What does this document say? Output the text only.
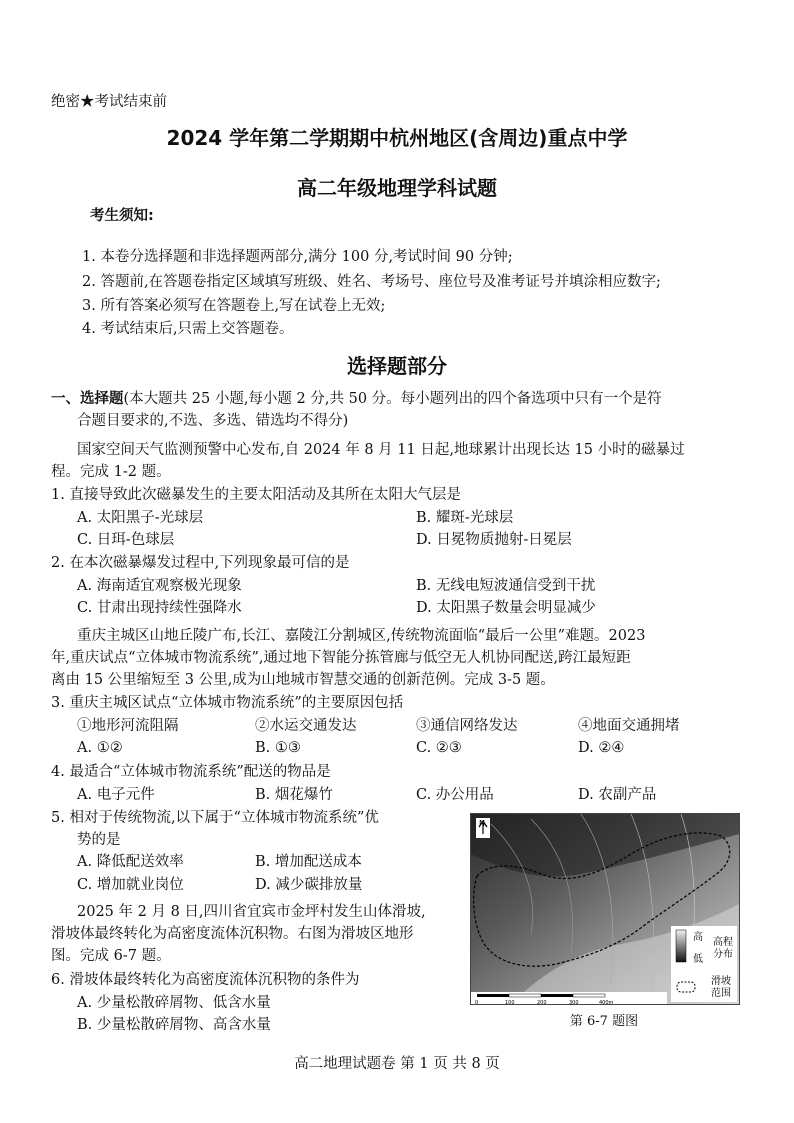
绝密★考试结束前
2024 学年第二学期期中杭州地区(含周边)重点中学
高二年级地理学科试题
考生须知:
1. 本卷分选择题和非选择题两部分,满分 100 分,考试时间 90 分钟;
2. 答题前,在答题卷指定区域填写班级、姓名、考场号、座位号及准考证号并填涂相应数字;
3. 所有答案必须写在答题卷上,写在试卷上无效;
4. 考试结束后,只需上交答题卷。
选择题部分
一、选择题(本大题共 25 小题,每小题 2 分,共 50 分。每小题列出的四个备选项中只有一个是符
合题目要求的,不选、多选、错选均不得分)
国家空间天气监测预警中心发布,自 2024 年 8 月 11 日起,地球累计出现长达 15 小时的磁暴过
程。完成 1-2 题。
1. 直接导致此次磁暴发生的主要太阳活动及其所在太阳大气层是
A. 太阳黑子-光球层	B. 耀斑-光球层
C. 日珥-色球层	D. 日冕物质抛射-日冕层
2. 在本次磁暴爆发过程中,下列现象最可信的是
A. 海南适宜观察极光现象	B. 无线电短波通信受到干扰
C. 甘肃出现持续性强降水	D. 太阳黑子数量会明显减少
重庆主城区山地丘陵广布,长江、嘉陵江分割城区,传统物流面临“最后一公里”难题。2023
年,重庆试点“立体城市物流系统”,通过地下智能分拣管廊与低空无人机协同配送,跨江最短距
离由 15 公里缩短至 3 公里,成为山地城市智慧交通的创新范例。完成 3-5 题。
3. 重庆主城区试点“立体城市物流系统”的主要原因包括
①地形河流阻隔	②水运交通发达	③通信网络发达	④地面交通拥堵
A. ①②	B. ①③	C. ②③	D. ②④
4. 最适合“立体城市物流系统”配送的物品是
A. 电子元件	B. 烟花爆竹	C. 办公用品	D. 农副产品
5. 相对于传统物流,以下属于“立体城市物流系统”优
势的是
A. 降低配送效率	B. 增加配送成本
C. 增加就业岗位	D. 减少碳排放量
2025 年 2 月 8 日,四川省宜宾市金坪村发生山体滑坡,
滑坡体最终转化为高密度流体沉积物。右图为滑坡区地形
图。完成 6-7 题。
6. 滑坡体最终转化为高密度流体沉积物的条件为
A. 少量松散碎屑物、低含水量
B. 少量松散碎屑物、高含水量
N
高
低
高程
分布
滑坡
范围
0	100	200	300	400m
第 6-7 题图
高二地理试题卷 第 1 页 共 8 页
